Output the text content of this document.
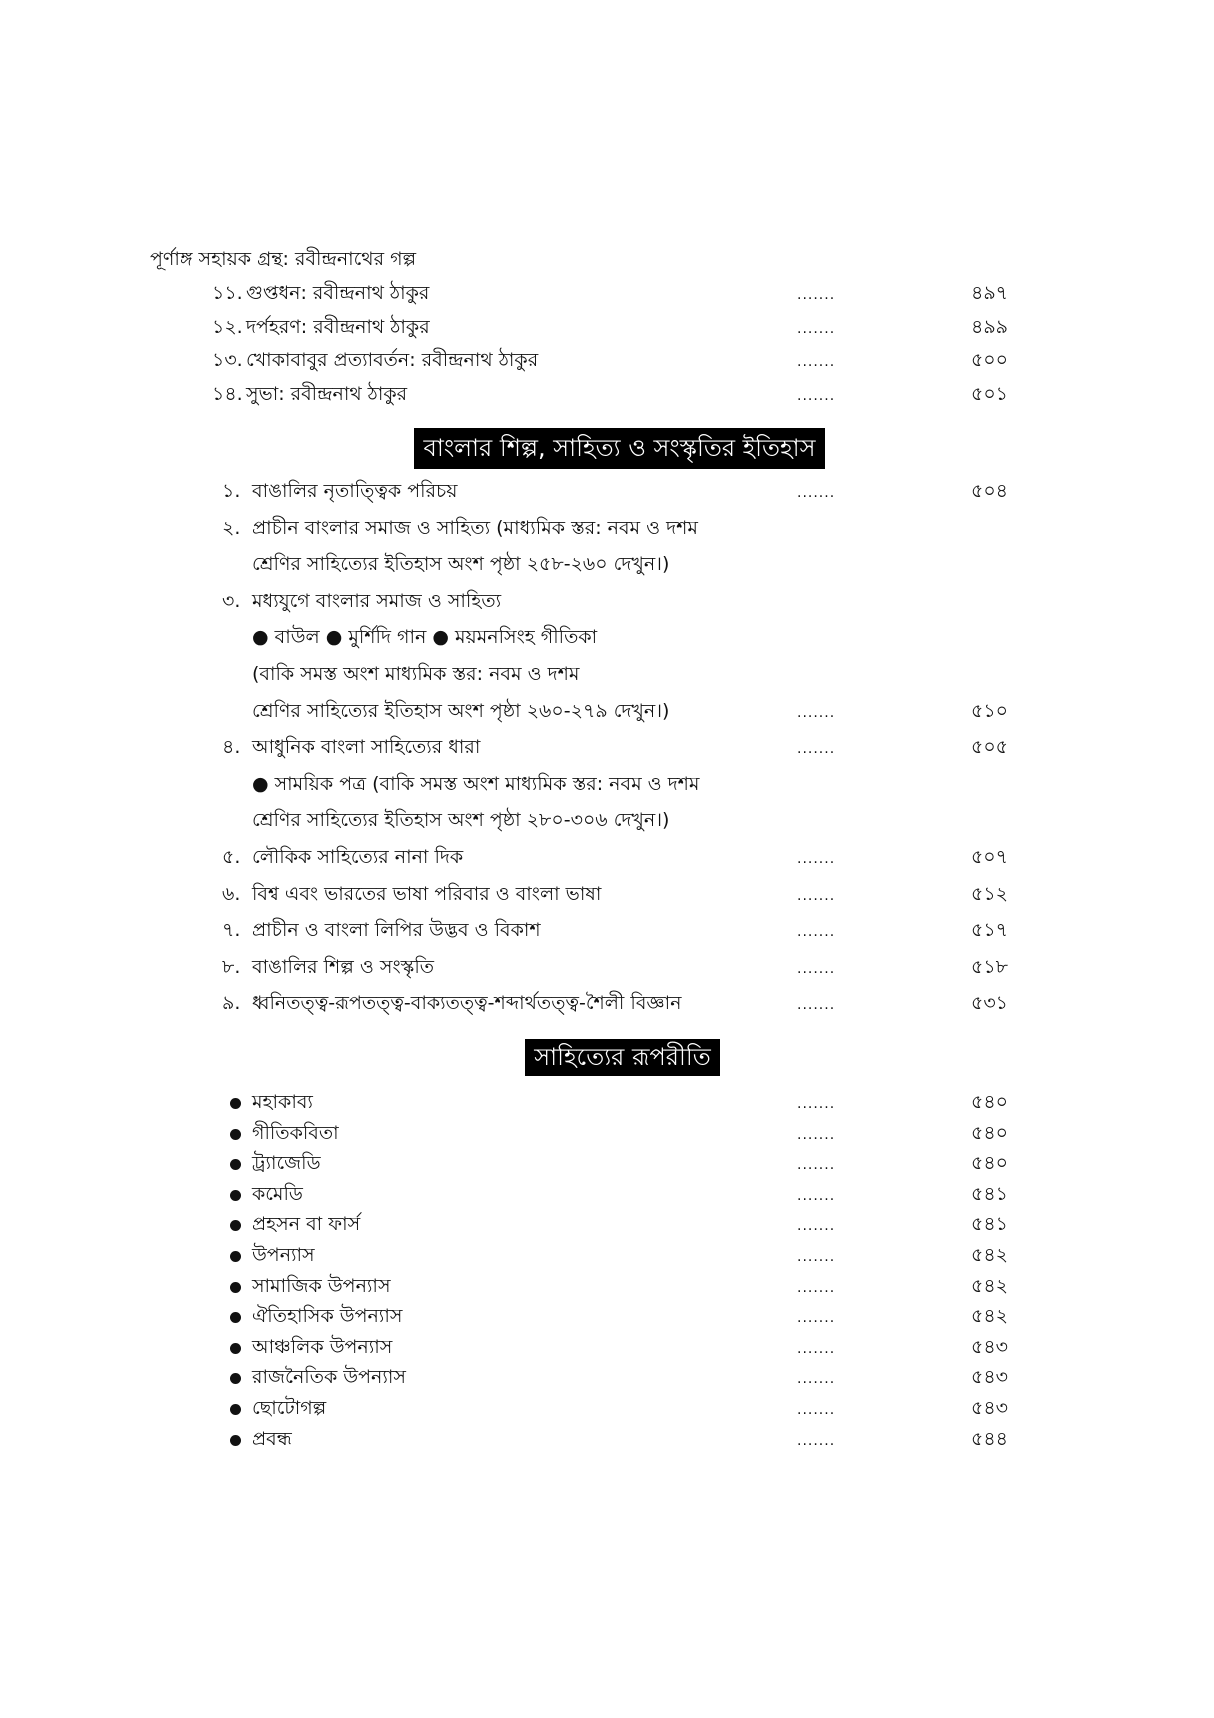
পূর্ণাঙ্গ সহায়ক গ্রন্থ: রবীন্দ্রনাথের গল্প
বাংলার শিল্প, সাহিত্য ও সংস্কৃতির ইতিহাস
সাহিত্যের রূপরীতি
১১. গুপ্তধন: রবীন্দ্রনাথ ঠাকুর	.......	৪৯৭
১২. দর্পহরণ: রবীন্দ্রনাথ ঠাকুর	.......	৪৯৯
১৩. খোকাবাবুর প্রত্যাবর্তন: রবীন্দ্রনাথ ঠাকুর	.......	৫০০
১৪. সুভা: রবীন্দ্রনাথ ঠাকুর	.......	৫০১
১. বাঙালির নৃতাত্ত্বিক পরিচয়	.......	৫০৪
২. প্রাচীন বাংলার সমাজ ও সাহিত্য (মাধ্যমিক স্তর: নবম ও দশম
শ্রেণির সাহিত্যের ইতিহাস অংশ পৃষ্ঠা ২৫৮-২৬০ দেখুন।)
৩. মধ্যযুগে বাংলার সমাজ ও সাহিত্য
● বাউল ● মুর্শিদি গান ● ময়মনসিংহ গীতিকা
(বাকি সমস্ত অংশ মাধ্যমিক স্তর: নবম ও দশম
শ্রেণির সাহিত্যের ইতিহাস অংশ পৃষ্ঠা ২৬০-২৭৯ দেখুন।)	.......	৫১০
৪. আধুনিক বাংলা সাহিত্যের ধারা	.......	৫০৫
● সাময়িক পত্র (বাকি সমস্ত অংশ মাধ্যমিক স্তর: নবম ও দশম
শ্রেণির সাহিত্যের ইতিহাস অংশ পৃষ্ঠা ২৮০-৩০৬ দেখুন।)
৫. লৌকিক সাহিত্যের নানা দিক	.......	৫০৭
৬. বিশ্ব এবং ভারতের ভাষা পরিবার ও বাংলা ভাষা	.......	৫১২
৭. প্রাচীন ও বাংলা লিপির উদ্ভব ও বিকাশ	.......	৫১৭
৮. বাঙালির শিল্প ও সংস্কৃতি	.......	৫১৮
৯. ধ্বনিতত্ত্ব-রূপতত্ত্ব-বাক্যতত্ত্ব-শব্দার্থতত্ত্ব-শৈলী বিজ্ঞান	.......	৫৩১
মহাকাব্য	.......	৫৪০
গীতিকবিতা	.......	৫৪০
ট্র্যাজেডি	.......	৫৪০
কমেডি	.......	৫৪১
প্রহসন বা ফার্স	.......	৫৪১
উপন্যাস	.......	৫৪২
সামাজিক উপন্যাস	.......	৫৪২
ঐতিহাসিক উপন্যাস	.......	৫৪২
আঞ্চলিক উপন্যাস	.......	৫৪৩
রাজনৈতিক উপন্যাস	.......	৫৪৩
ছোটোগল্প	.......	৫৪৩
প্রবন্ধ	.......	৫৪৪
